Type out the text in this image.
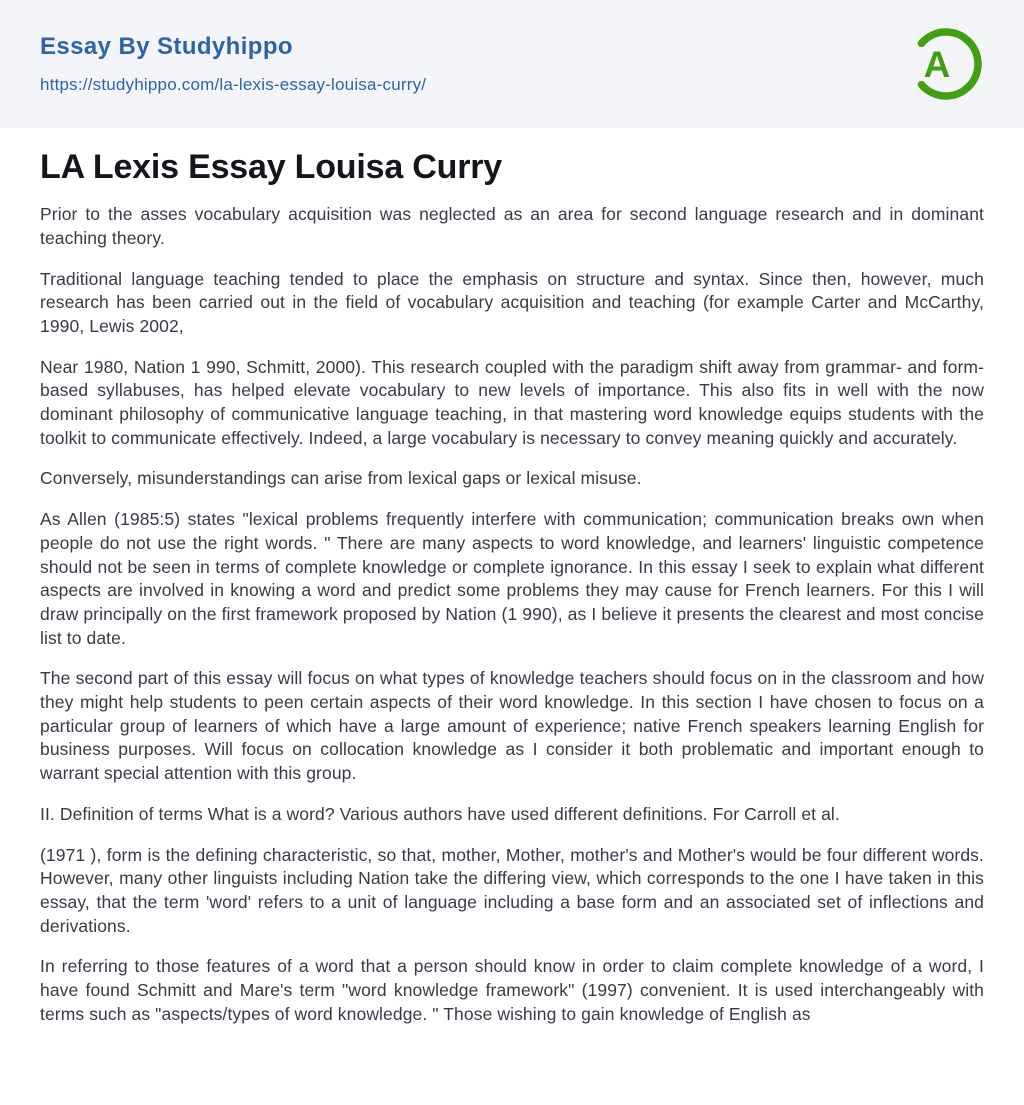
Essay By Studyhippo
https://studyhippo.com/la-lexis-essay-louisa-curry/	A
LA Lexis Essay Louisa Curry

Prior to the asses vocabulary acquisition was neglected as an area for second language research and in dominant teaching theory.

Traditional language teaching tended to place the emphasis on structure and syntax. Since then, however, much research has been carried out in the field of vocabulary acquisition and teaching (for example Carter and McCarthy, 1990, Lewis 2002,

Near 1980, Nation 1 990, Schmitt, 2000). This research coupled with the paradigm shift away from grammar- and form- based syllabuses, has helped elevate vocabulary to new levels of importance. This also fits in well with the now dominant philosophy of communicative language teaching, in that mastering word knowledge equips students with the toolkit to communicate effectively. Indeed, a large vocabulary is necessary to convey meaning quickly and accurately.

Conversely, misunderstandings can arise from lexical gaps or lexical misuse.

As Allen (1985:5) states "lexical problems frequently interfere with communication; communication breaks own when people do not use the right words. " There are many aspects to word knowledge, and learners' linguistic competence should not be seen in terms of complete knowledge or complete ignorance. In this essay I seek to explain what different aspects are involved in knowing a word and predict some problems they may cause for French learners. For this I will draw principally on the first framework proposed by Nation (1 990), as I believe it presents the clearest and most concise list to date.

The second part of this essay will focus on what types of knowledge teachers should focus on in the classroom and how they might help students to peen certain aspects of their word knowledge. In this section I have chosen to focus on a particular group of learners of which have a large amount of experience; native French speakers learning English for business purposes. Will focus on collocation knowledge as I consider it both problematic and important enough to warrant special attention with this group.

II. Definition of terms What is a word? Various authors have used different definitions. For Carroll et al.

(1971 ), form is the defining characteristic, so that, mother, Mother, mother's and Mother's would be four different words. However, many other linguists including Nation take the differing view, which corresponds to the one I have taken in this essay, that the term 'word' refers to a unit of language including a base form and an associated set of inflections and derivations.

In referring to those features of a word that a person should know in order to claim complete knowledge of a word, I have found Schmitt and Mare's term "word knowledge framework" (1997) convenient. It is used interchangeably with terms such as "aspects/types of word knowledge. " Those wishing to gain knowledge of English as
